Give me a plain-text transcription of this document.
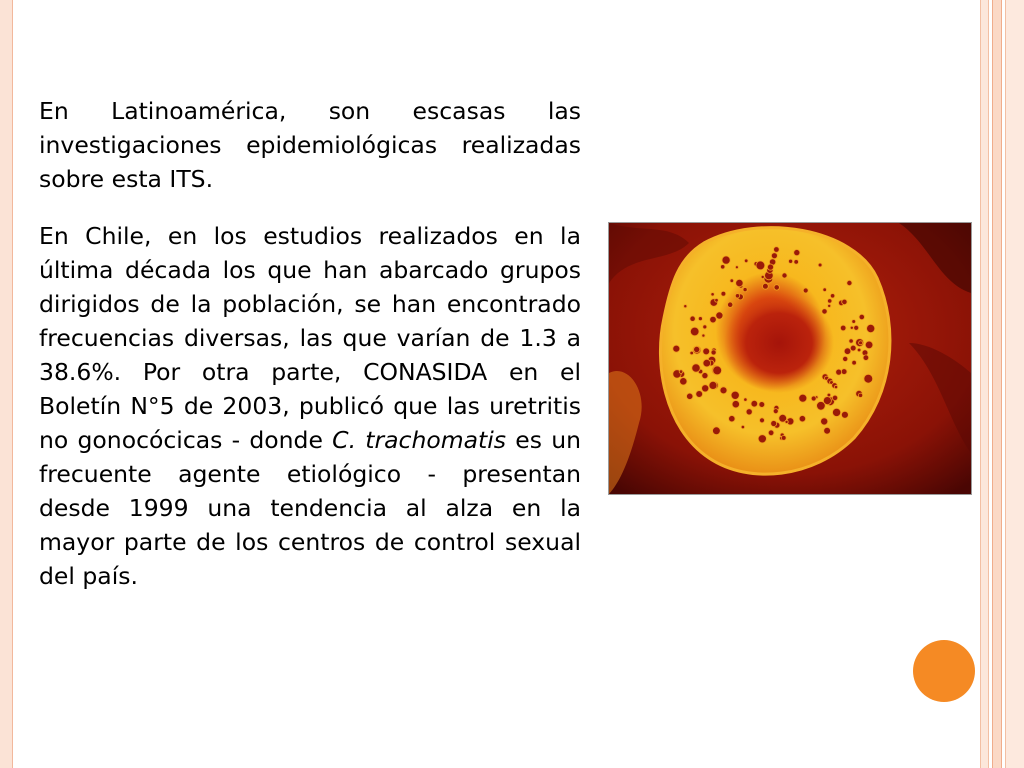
En Latinoamérica, son escasas las investigaciones epidemiológicas realizadas sobre esta ITS.

En Chile, en los estudios realizados en la última década los que han abarcado grupos dirigidos de la población, se han encontrado frecuencias diversas, las que varían de 1.3 a 38.6%. Por otra parte, CONASIDA en el Boletín N°5 de 2003, publicó que las uretritis no gonocócicas - donde C. trachomatis es un frecuente agente etiológico - presentan desde 1999 una tendencia al alza en la mayor parte de los centros de control sexual del país.
